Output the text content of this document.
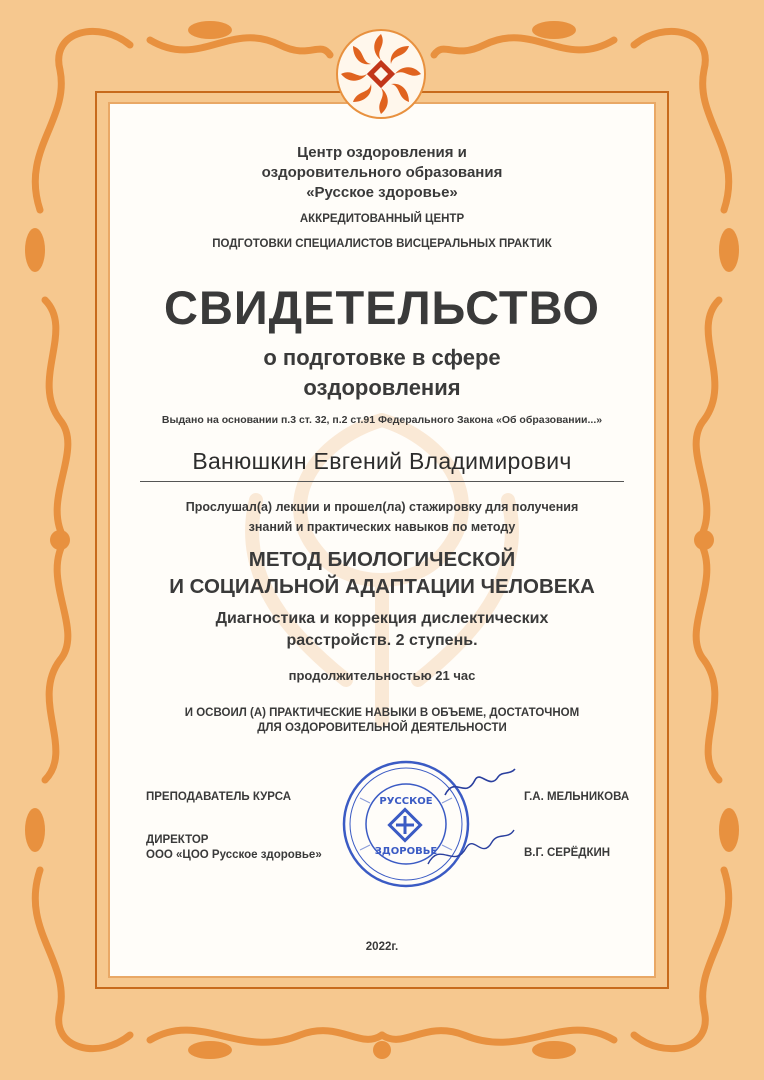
Центр оздоровления и
оздоровительного образования
«Русское здоровье»
АККРЕДИТОВАННЫЙ ЦЕНТР
ПОДГОТОВКИ СПЕЦИАЛИСТОВ ВИСЦЕРАЛЬНЫХ ПРАКТИК
СВИДЕТЕЛЬСТВО
о подготовке в сфере
оздоровления
Выдано на основании п.3 ст. 32, п.2 ст.91 Федерального Закона «Об образовании...»
Ванюшкин Евгений Владимирович
Прослушал(а) лекции и прошел(ла) стажировку для получения
знаний и практических навыков по методу
МЕТОД БИОЛОГИЧЕСКОЙ
И СОЦИАЛЬНОЙ АДАПТАЦИИ ЧЕЛОВЕКА
Диагностика и коррекция дислектических
расстройств. 2 ступень.
продолжительностью 21 час
И ОСВОИЛ (А) ПРАКТИЧЕСКИЕ НАВЫКИ В ОБЪЕМЕ, ДОСТАТОЧНОМ
ДЛЯ ОЗДОРОВИТЕЛЬНОЙ ДЕЯТЕЛЬНОСТИ
ПРЕПОДАВАТЕЛЬ КУРСА	Г.А. МЕЛЬНИКОВА
ДИРЕКТОР
ООО «ЦОО Русское здоровье»	В.Г. СЕРЁДКИН
РУССКОЕ
ЗДОРОВЬЕ
2022г.
